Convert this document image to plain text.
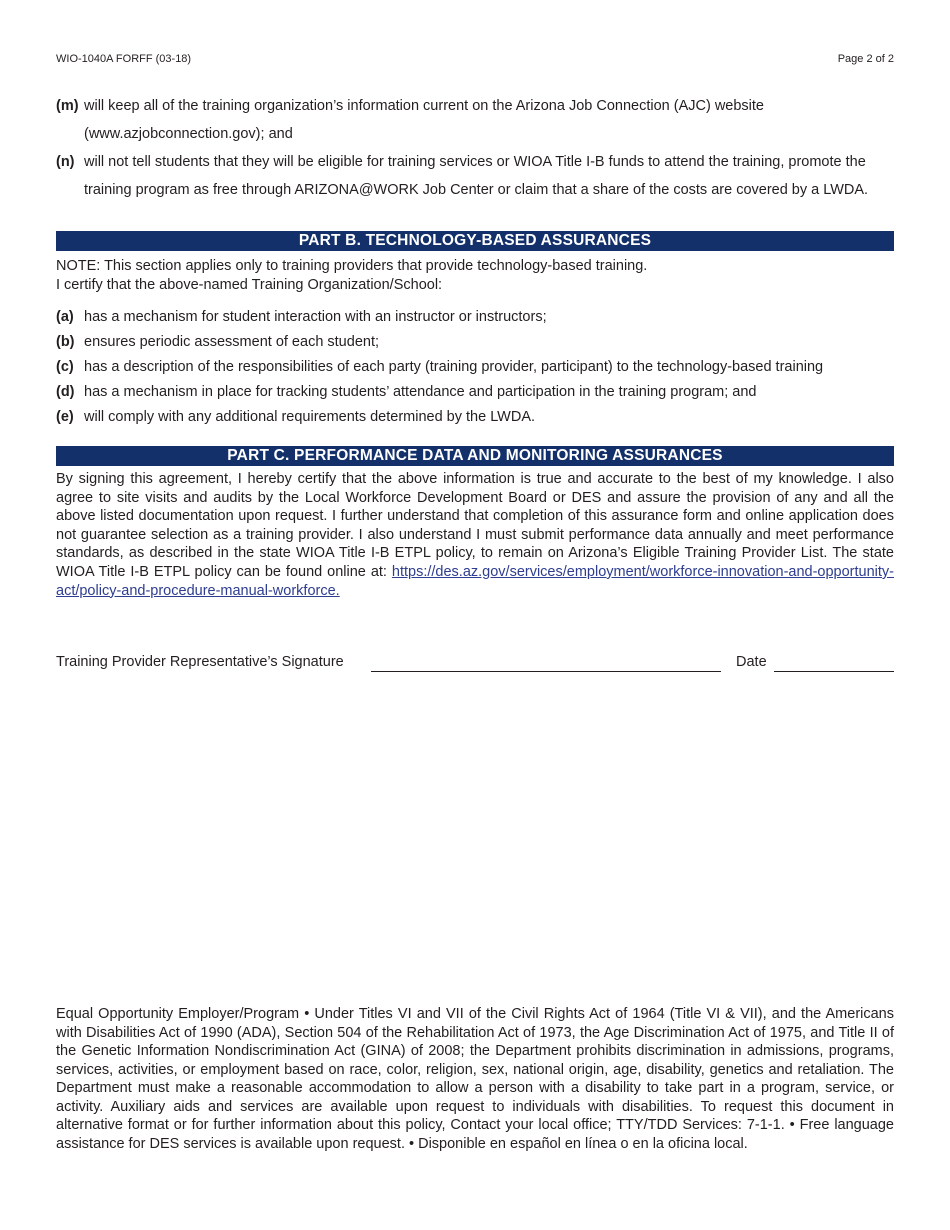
WIO-1040A FORFF (03-18)	Page 2 of 2
(m) will keep all of the training organization’s information current on the Arizona Job Connection (AJC) website (www.azjobconnection.gov); and
(n) will not tell students that they will be eligible for training services or WIOA Title I-B funds to attend the training, promote the training program as free through ARIZONA@WORK Job Center or claim that a share of the costs are covered by a LWDA.
PART B. TECHNOLOGY-BASED ASSURANCES
NOTE: This section applies only to training providers that provide technology-based training.
I certify that the above-named Training Organization/School:
(a) has a mechanism for student interaction with an instructor or instructors;
(b) ensures periodic assessment of each student;
(c) has a description of the responsibilities of each party (training provider, participant) to the technology-based training
(d) has a mechanism in place for tracking students’ attendance and participation in the training program; and
(e) will comply with any additional requirements determined by the LWDA.
PART C. PERFORMANCE DATA AND MONITORING ASSURANCES
By signing this agreement, I hereby certify that the above information is true and accurate to the best of my knowledge. I also agree to site visits and audits by the Local Workforce Development Board or DES and assure the provision of any and all the above listed documentation upon request. I further understand that completion of this assurance form and online application does not guarantee selection as a training provider. I also understand I must submit performance data annually and meet performance standards, as described in the state WIOA Title I-B ETPL policy, to remain on Arizona’s Eligible Training Provider List. The state WIOA Title I-B ETPL policy can be found online at: https://des.az.gov/services/employment/workforce-innovation-and-opportunity-act/policy-and-procedure-manual-workforce.
Training Provider Representative’s Signature	Date
Equal Opportunity Employer/Program • Under Titles VI and VII of the Civil Rights Act of 1964 (Title VI & VII), and the Americans with Disabilities Act of 1990 (ADA), Section 504 of the Rehabilitation Act of 1973, the Age Discrimination Act of 1975, and Title II of the Genetic Information Nondiscrimination Act (GINA) of 2008; the Department prohibits discrimination in admissions, programs, services, activities, or employment based on race, color, religion, sex, national origin, age, disability, genetics and retaliation. The Department must make a reasonable accommodation to allow a person with a disability to take part in a program, service, or activity. Auxiliary aids and services are available upon request to individuals with disabilities. To request this document in alternative format or for further information about this policy, Contact your local office; TTY/TDD Services: 7-1-1. • Free language assistance for DES services is available upon request. • Disponible en español en línea o en la oficina local.
